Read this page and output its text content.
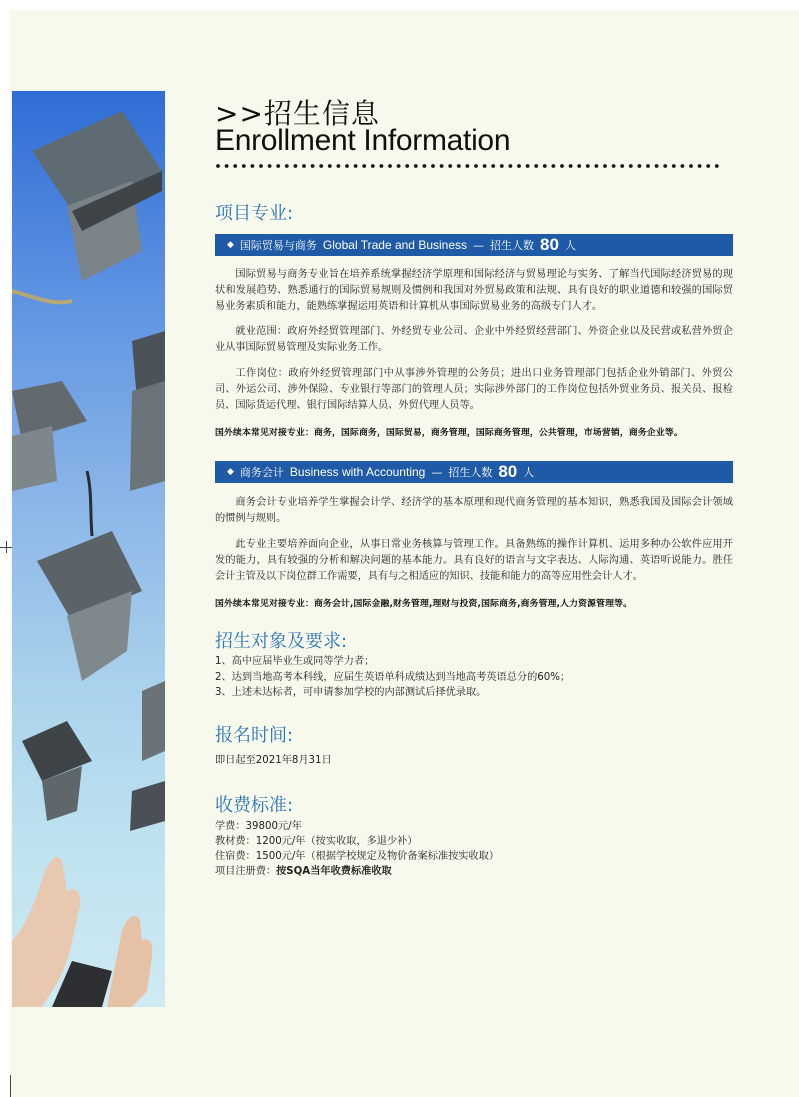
>>招生信息
Enrollment Information
项目专业:
◆ 国际贸易与商务 Global Trade and Business — 招生人数 80 人
国际贸易与商务专业旨在培养系统掌握经济学原理和国际经济与贸易理论与实务、了解当代国际经济贸易的现状和发展趋势、熟悉通行的国际贸易规则及惯例和我国对外贸易政策和法规、具有良好的职业道德和较强的国际贸易业务素质和能力，能熟练掌握运用英语和计算机从事国际贸易业务的高级专门人才。
就业范围：政府外经贸管理部门、外经贸专业公司、企业中外经贸经营部门、外资企业以及民营或私营外贸企业从事国际贸易管理及实际业务工作。
工作岗位：政府外经贸管理部门中从事涉外管理的公务员；进出口业务管理部门包括企业外销部门、外贸公司、外运公司、涉外保险、专业银行等部门的管理人员；实际涉外部门的工作岗位包括外贸业务员、报关员、报检员、国际货运代理、银行国际结算人员、外贸代理人员等。
国外续本常见对接专业：商务，国际商务，国际贸易，商务管理，国际商务管理，公共管理，市场营销，商务企业等。
◆ 商务会计 Business with Accounting — 招生人数 80 人
商务会计专业培养学生掌握会计学、经济学的基本原理和现代商务管理的基本知识，熟悉我国及国际会计领域的惯例与规则。
此专业主要培养面向企业，从事日常业务核算与管理工作。具备熟练的操作计算机、运用多种办公软件应用开发的能力，具有较强的分析和解决问题的基本能力。具有良好的语言与文字表达、人际沟通、英语听说能力。胜任会计主管及以下岗位群工作需要，具有与之相适应的知识、技能和能力的高等应用性会计人才。
国外续本常见对接专业：商务会计,国际金融,财务管理,理财与投资,国际商务,商务管理,人力资源管理等。
招生对象及要求:
1、高中应届毕业生或同等学力者；
2、达到当地高考本科线，应届生英语单科成绩达到当地高考英语总分的60%；
3、上述未达标者，可申请参加学校的内部测试后择优录取。
报名时间:
即日起至2021年8月31日
收费标准:
学费：39800元/年
教材费：1200元/年（按实收取，多退少补）
住宿费：1500元/年（根据学校规定及物价备案标准按实收取）
项目注册费：按SQA当年收费标准收取
